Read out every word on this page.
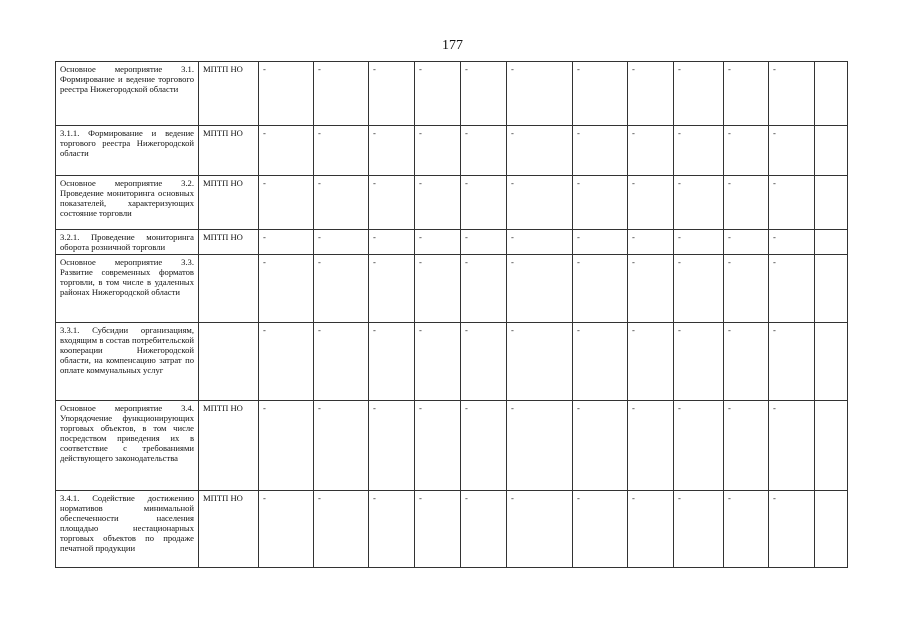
177
Основное мероприятие 3.1. Формирование и ведение торгового реестра Нижегородской области	МПТП НО	-	-	-	-	-	-	-	-	-	-	-	
3.1.1. Формирование и ведение торгового реестра Нижегородской области	МПТП НО	-	-	-	-	-	-	-	-	-	-	-	
Основное мероприятие 3.2. Проведение мониторинга основных показателей, характеризующих состояние торговли	МПТП НО	-	-	-	-	-	-	-	-	-	-	-	
3.2.1. Проведение мониторинга оборота розничной торговли	МПТП НО	-	-	-	-	-	-	-	-	-	-	-	
Основное мероприятие 3.3. Развитие современных форматов торговли, в том числе в удаленных районах Нижегородской области		-	-	-	-	-	-	-	-	-	-	-	
3.3.1. Субсидии организациям, входящим в состав потребительской кооперации Нижегородской области, на компенсацию затрат по оплате коммунальных услуг		-	-	-	-	-	-	-	-	-	-	-	
Основное мероприятие 3.4. Упорядочение функционирующих торговых объектов, в том числе посредством приведения их в соответствие с требованиями действующего законодательства	МПТП НО	-	-	-	-	-	-	-	-	-	-	-	
3.4.1. Содействие достижению нормативов минимальной обеспеченности населения площадью нестационарных торговых объектов по продаже печатной продукции	МПТП НО	-	-	-	-	-	-	-	-	-	-	-	
